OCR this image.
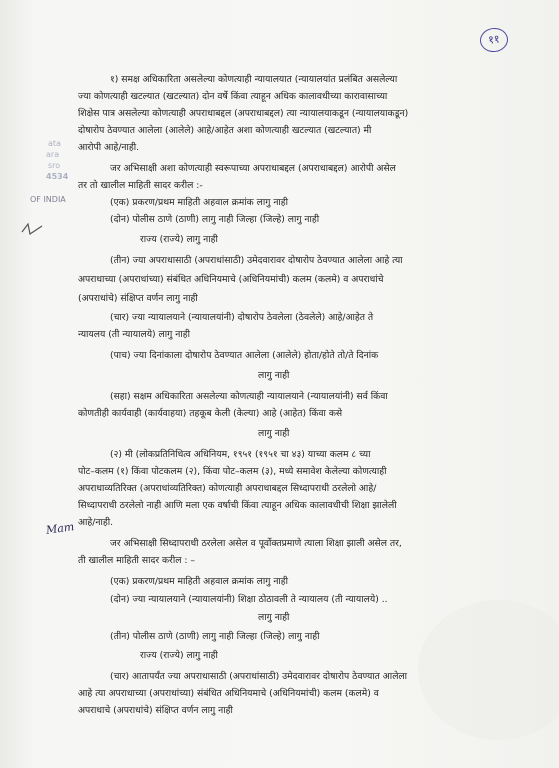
११
ata
ara
sro
4534
OF INDIA
Mam
१) समक्ष अधिकारिता असलेल्या कोणत्याही न्यायालयात (न्यायालयांत प्रलंबित असलेल्या
ज्या कोणत्याही खटल्यात (खटल्यात) दोन वर्षे किंवा त्याहून अधिक कालावधीच्या कारावासाच्या
शिक्षेस पात्र असलेल्या कोणत्याही अपराधाबद्दल (अपराधाबद्दल) त्या न्यायालयाकडून (न्यायालयाकडून)
दोषारोप ठेवण्यात आलेला (आलेले) आहे/आहेत अशा कोणत्याही खटल्यात (खटल्यात) मी
आरोपी आहे/नाही.
जर अभिसाक्षी अशा कोणत्याही स्वरूपाच्या अपराधाबद्दल (अपराधाबद्दल) आरोपी असेल
तर तो खालील माहिती सादर करील :-
(एक) प्रकरण/प्रथम माहिती अहवाल क्रमांक लागु नाही
(दोन) पोलीस ठाणे (ठाणी) लागु नाही जिल्हा (जिल्हे) लागु नाही
राज्य (राज्ये) लागु नाही
(तीन) ज्या अपराधासाठी (अपराधांसाठी) उमेदवारावर दोषारोप ठेवण्यात आलेला आहे त्या
अपराधाच्या (अपराधांच्या) संबंधित अधिनियमाचे (अधिनियमांची) कलम (कलमे) व अपराधांचे
(अपराधांचे) संक्षिप्त वर्णन लागु नाही
(चार) ज्या न्यायालयाने (न्यायालयांनी) दोषारोप ठेवलेला (ठेवलेले) आहे/आहेत ते
न्यायलय (ती न्यायालये) लागु नाही
(पाच) ज्या दिनांकाला दोषारोप ठेवण्यात आलेला (आलेले) होता/होते तो/ते दिनांक
लागु नाही
(सहा) सक्षम अधिकारिता असलेल्या कोणत्याही न्यायालयाने (न्यायालयांनी) सर्व किंवा
कोणतीही कार्यवाही (कार्यवाहया) तहकूब केली (केल्या) आहे (आहेत) किंवा कसे
लागु नाही
(२) मी (लोकप्रतिनिधित्व अधिनियम, १९५१ (१९५१ चा ४३) याच्या कलम ८ च्या
पोट–कलम (१) किंवा पोटकलम (२), किंवा पोट–कलम (३), मध्ये समावेश केलेल्या कोणत्याही
अपराधाव्यतिरिक्त (अपराधांव्यतिरिक्त) कोणत्याही अपराधाबद्दल सिध्दापराधी ठरलेलो आहे/
सिध्दापराधी ठरलेलो नाही आणि मला एक वर्षाची किंवा त्याहून अधिक कालावधीची शिक्षा झालेली
आहे/नाही.
जर अभिसाक्षी सिध्दापराधी ठरलेला असेल व पूर्वोक्तप्रमाणे त्याला शिक्षा झाली असेल तर,
ती खालील माहिती सादर करील : –
(एक) प्रकरण/प्रथम माहिती अहवाल क्रमांक लागु नाही
(दोन) ज्या न्यायालयाने (न्यायालयांनी) शिक्षा ठोठावली ते न्यायालय (ती न्यायालये) ..
लागु नाही
(तीन) पोलीस ठाणे (ठाणी) लागु नाही जिल्हा (जिल्हे) लागु नाही
राज्य (राज्ये) लागु नाही
(चार) आतापर्यंत ज्या अपराधासाठी (अपराधांसाठी) उमेदवारावर दोषारोप ठेवण्यात आलेला
आहे त्या अपराधाच्या (अपराधांच्या) संबंधित अधिनियमाचे (अधिनियमांची) कलम (कलमे) व
अपराधाचे (अपराधांचे) संक्षिप्त वर्णन लागु नाही
